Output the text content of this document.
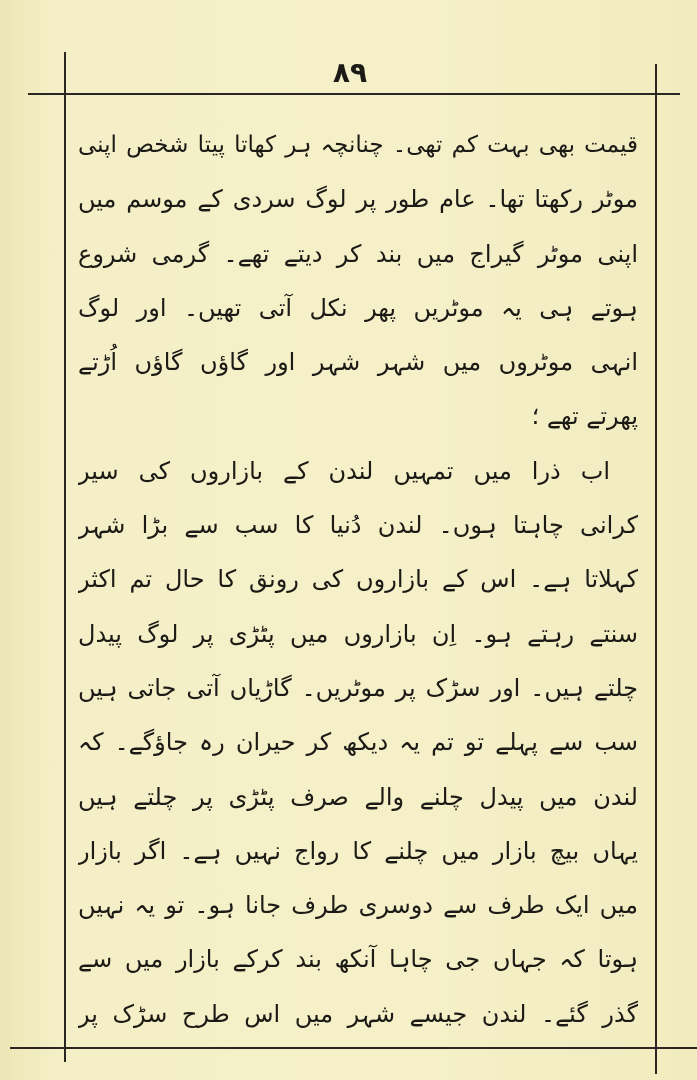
٨٩
قیمت بھی بہت کم تھی۔ چنانچہ ہر کھاتا پیتا شخص اپنی
موٹر رکھتا تھا۔ عام طور پر لوگ سردی کے موسم میں
اپنی موٹر گیراج میں بند کر دیتے تھے۔ گرمی شروع
ہوتے ہی یہ موٹریں پھر نکل آتی تھیں۔ اور لوگ
انہی موٹروں میں شہر شہر اور گاؤں گاؤں اُڑتے
پھرتے تھے ؛
اب ذرا میں تمہیں لندن کے بازاروں کی سیر
کرانی چاہتا ہوں۔ لندن دُنیا کا سب سے بڑا شہر
کہلاتا ہے۔ اس کے بازاروں کی رونق کا حال تم اکثر
سنتے رہتے ہو۔ اِن بازاروں میں پٹڑی پر لوگ پیدل
چلتے ہیں۔ اور سڑک پر موٹریں۔ گاڑیاں آتی جاتی ہیں
سب سے پہلے تو تم یہ دیکھ کر حیران رہ جاؤگے۔ کہ
لندن میں پیدل چلنے والے صرف پٹڑی پر چلتے ہیں
یہاں بیچ بازار میں چلنے کا رواج نہیں ہے۔ اگر بازار
میں ایک طرف سے دوسری طرف جانا ہو۔ تو یہ نہیں
ہوتا کہ جہاں جی چاہا آنکھ بند کرکے بازار میں سے
گذر گئے۔ لندن جیسے شہر میں اس طرح سڑک پر
